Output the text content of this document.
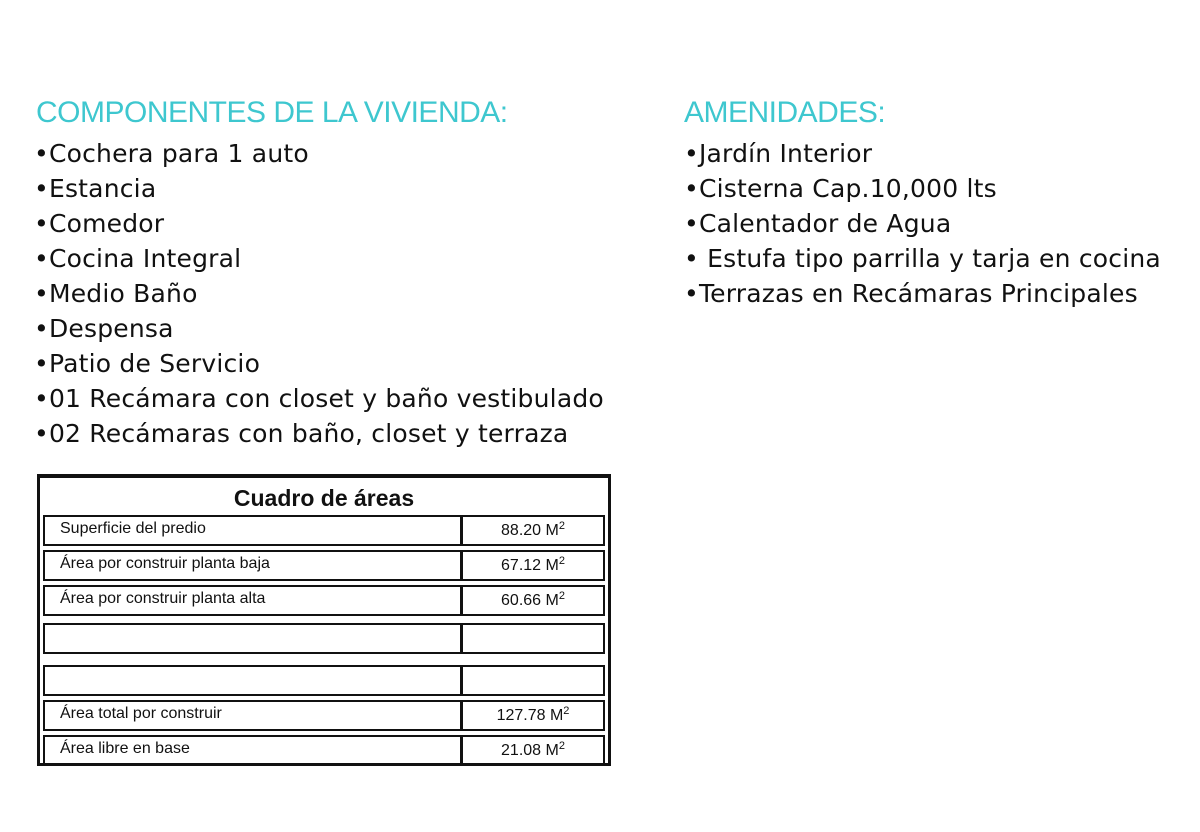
COMPONENTES DE LA VIVIENDA:
•Cochera para 1 auto
•Estancia
•Comedor
•Cocina Integral
•Medio Baño
•Despensa
•Patio de Servicio
•01 Recámara con closet y baño vestibulado
•02 Recámaras con baño, closet y terraza
AMENIDADES:
•Jardín Interior
•Cisterna Cap.10,000 lts
•Calentador de Agua
• Estufa tipo parrilla y tarja en cocina
•Terrazas en Recámaras Principales
Cuadro de áreas
Superficie del predio	88.20 $M^2$
Área por construir planta baja	67.12 $M^2$
Área por construir planta alta	60.66 $M^2$
Área total por construir	127.78 $M^2$
Área libre en base	21.08 $M^2$
